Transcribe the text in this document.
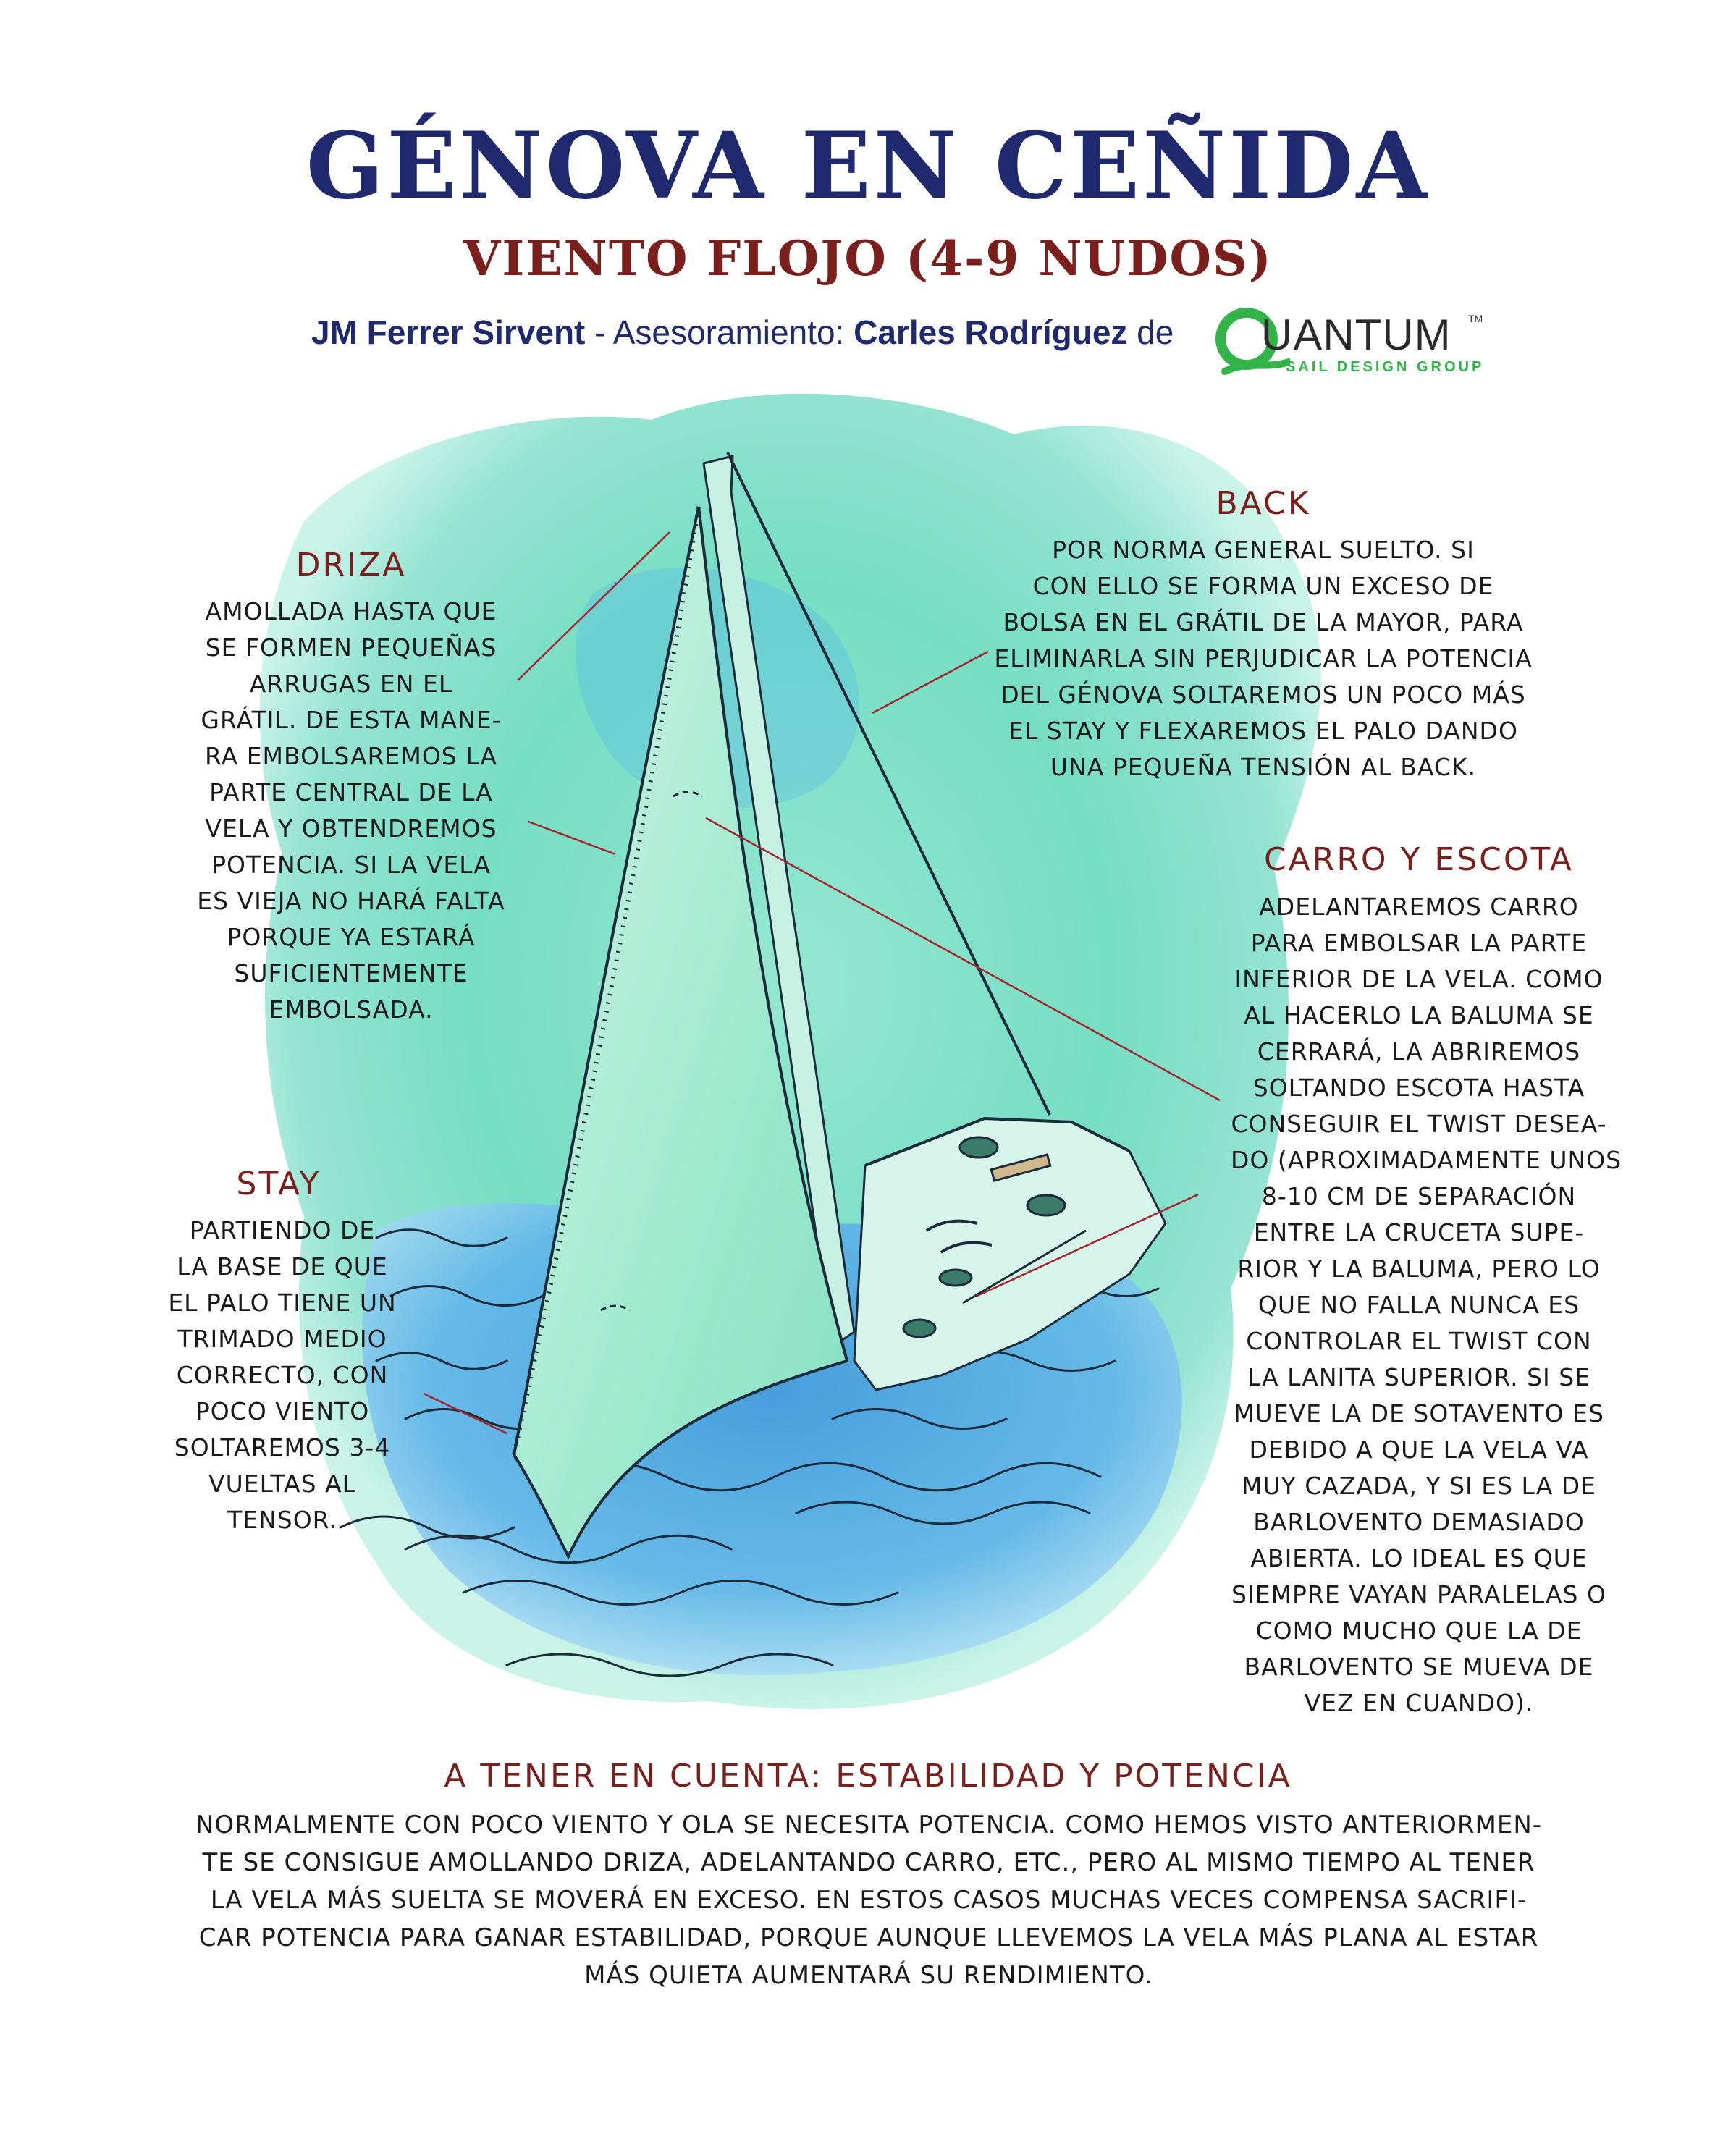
GÉNOVA EN CEÑIDA
VIENTO FLOJO (4-9 NUDOS)
JM Ferrer Sirvent - Asesoramiento: Carles Rodríguez de UANTUM TM
SAIL DESIGN GROUP
DRIZA
AMOLLADA HASTA QUE
SE FORMEN PEQUEÑAS
ARRUGAS EN EL
GRÁTIL. DE ESTA MANE-
RA EMBOLSAREMOS LA
PARTE CENTRAL DE LA
VELA Y OBTENDREMOS
POTENCIA. SI LA VELA
ES VIEJA NO HARÁ FALTA
PORQUE YA ESTARÁ
SUFICIENTEMENTE
EMBOLSADA.
BACK
POR NORMA GENERAL SUELTO. SI
CON ELLO SE FORMA UN EXCESO DE
BOLSA EN EL GRÁTIL DE LA MAYOR, PARA
ELIMINARLA SIN PERJUDICAR LA POTENCIA
DEL GÉNOVA SOLTAREMOS UN POCO MÁS
EL STAY Y FLEXAREMOS EL PALO DANDO
UNA PEQUEÑA TENSIÓN AL BACK.
CARRO Y ESCOTA
ADELANTAREMOS CARRO
PARA EMBOLSAR LA PARTE
INFERIOR DE LA VELA. COMO
AL HACERLO LA BALUMA SE
CERRARÁ, LA ABRIREMOS
SOLTANDO ESCOTA HASTA
CONSEGUIR EL TWIST DESEA-
DO (APROXIMADAMENTE UNOS
8-10 CM DE SEPARACIÓN
ENTRE LA CRUCETA SUPE-
RIOR Y LA BALUMA, PERO LO
QUE NO FALLA NUNCA ES
CONTROLAR EL TWIST CON
LA LANITA SUPERIOR. SI SE
MUEVE LA DE SOTAVENTO ES
DEBIDO A QUE LA VELA VA
MUY CAZADA, Y SI ES LA DE
BARLOVENTO DEMASIADO
ABIERTA. LO IDEAL ES QUE
SIEMPRE VAYAN PARALELAS O
COMO MUCHO QUE LA DE
BARLOVENTO SE MUEVA DE
VEZ EN CUANDO).
STAY
PARTIENDO DE
LA BASE DE QUE
EL PALO TIENE UN
TRIMADO MEDIO
CORRECTO, CON
POCO VIENTO
SOLTAREMOS 3-4
VUELTAS AL
TENSOR.
A TENER EN CUENTA: ESTABILIDAD Y POTENCIA
NORMALMENTE CON POCO VIENTO Y OLA SE NECESITA POTENCIA. COMO HEMOS VISTO ANTERIORMEN-
TE SE CONSIGUE AMOLLANDO DRIZA, ADELANTANDO CARRO, ETC., PERO AL MISMO TIEMPO AL TENER
LA VELA MÁS SUELTA SE MOVERÁ EN EXCESO. EN ESTOS CASOS MUCHAS VECES COMPENSA SACRIFI-
CAR POTENCIA PARA GANAR ESTABILIDAD, PORQUE AUNQUE LLEVEMOS LA VELA MÁS PLANA AL ESTAR
MÁS QUIETA AUMENTARÁ SU RENDIMIENTO.
